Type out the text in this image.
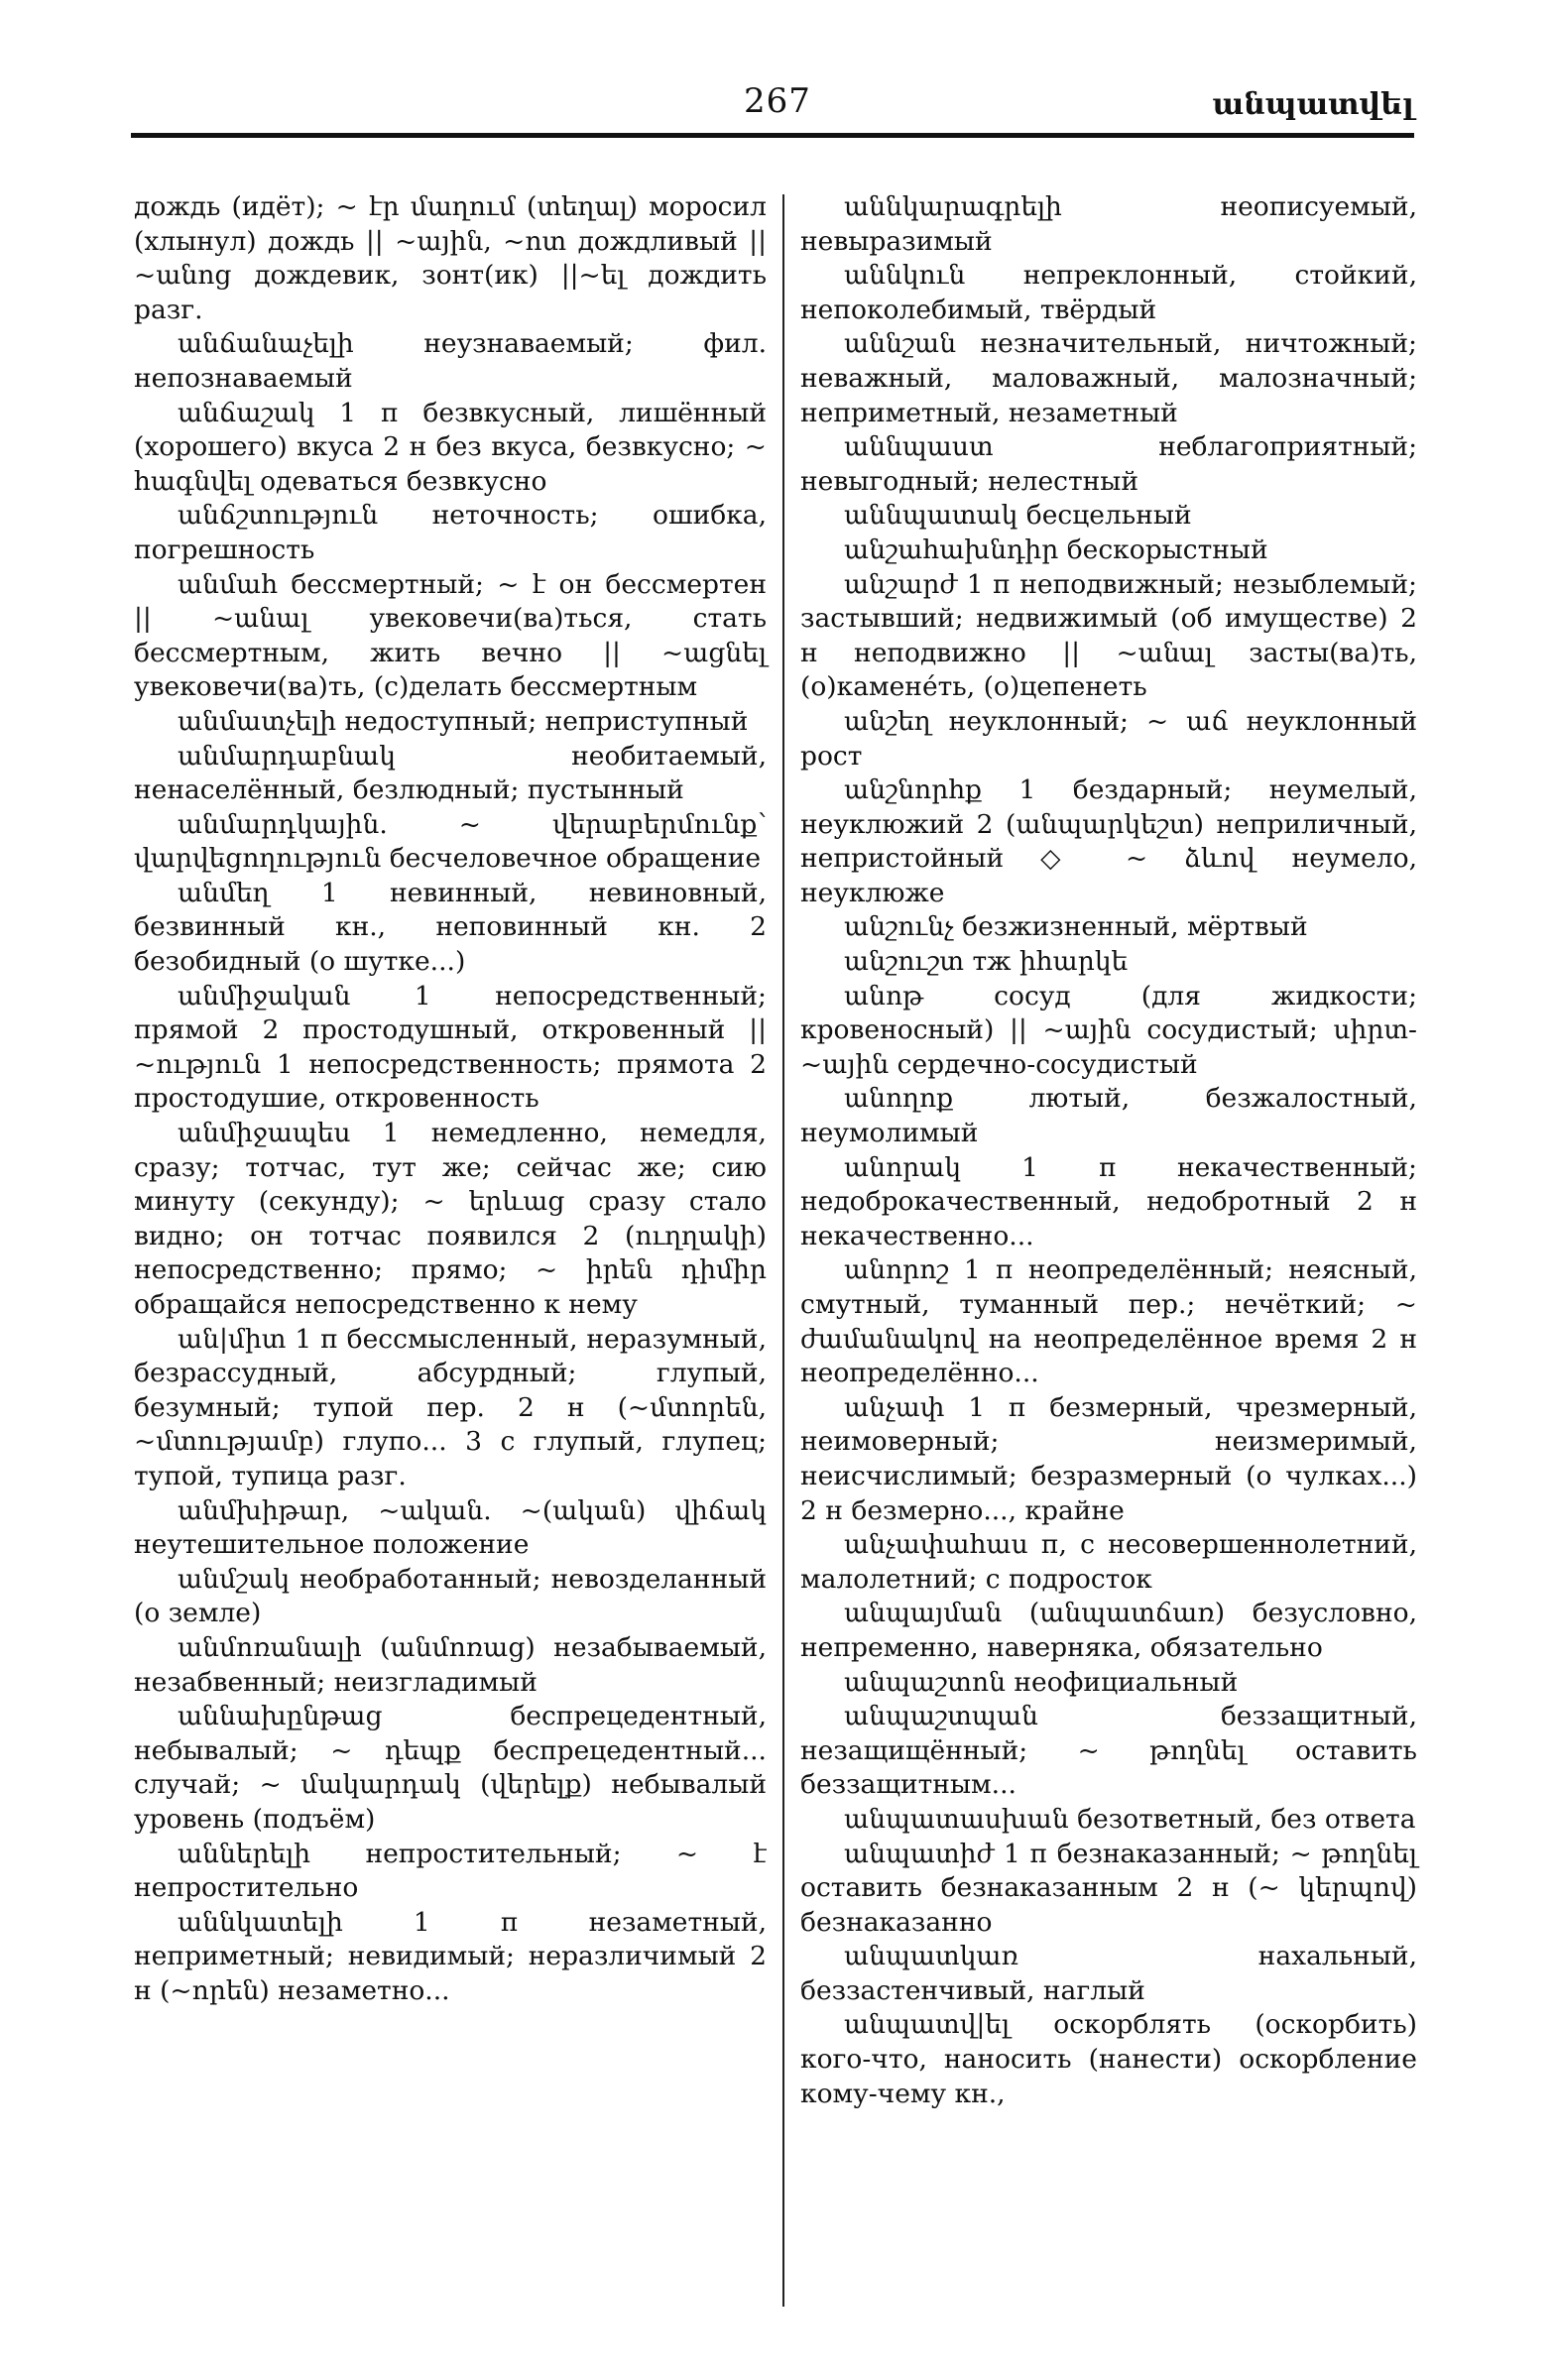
267	անպատվել

дождь (идёт); ~ էր մաղում (տեղալ) моросил (хлынул) дождь || ~ային, ~ոտ дождливый || ~անոց дождевик, зонт(ик) ||~ել дождить разг.

անճանաչելի неузнаваемый; фил. непознаваемый

անճաշակ 1 п безвкусный, лишённый (хорошего) вкуса 2 н без вкуса, безвкусно; ~ հագնվել одеваться безвкусно

անճշտություն неточность; ошибка, погрешность

անմահ бессмертный; ~ է он бессмертен || ~անալ увековечи(ва)ться, стать бессмертным, жить вечно || ~ացնել увековечи(ва)ть, (с)делать бессмертным

անմատչելի недоступный; неприступный

անմարդաբնակ необитаемый, ненаселённый, безлюдный; пустынный

անմարդկային. ~ վերաբերմունք՝ վարվեցողություն бесчеловечное обращение

անմեղ 1 невинный, невиновный, безвинный кн., неповинный кн. 2 безобидный (о шутке...)

անմիջական 1 непосредственный; прямой 2 простодушный, откровенный || ~ություն 1 непосредственность; прямота 2 простодушие, откровенность

անմիջապես 1 немедленно, немедля, сразу; тотчас, тут же; сейчас же; сию минуту (секунду); ~ երևաց сразу стало видно; он тотчас появился 2 (ուղղակի) непосредственно; прямо; ~ իրեն դիմիր обращайся непосредственно к нему

ան|միտ 1 п бессмысленный, неразумный, безрассудный, абсурдный; глупый, безумный; тупой пер. 2 н (~մտորեն, ~մտությամբ) глупо... 3 с глупый, глупец; тупой, тупица разг.

անմխիթար, ~ական. ~(ական) վիճակ неутешительное положение

անմշակ необработанный; невозделанный (о земле)

անմոռանալի (անմոռաց) незабываемый, незабвенный; неизгладимый

աննախընթաց беспрецедентный, небывалый; ~ դեպք беспрецедентный... случай; ~ մակարդակ (վերելք) небывалый уровень (подъём)

աններելի непростительный; ~ է непростительно

աննկատելի 1 п незаметный, неприметный; невидимый; неразличимый 2 н (~որեն) незаметно...

աննկարագրելի неописуемый, невыразимый

աննկուն непреклонный, стойкий, непоколебимый, твёрдый

աննշան незначительный, ничтожный; неважный, маловажный, малозначный; неприметный, незаметный

աննպաստ неблагоприятный; невыгодный; нелестный

աննպատակ бесцельный

անշահախնդիր бескорыстный

անշարժ 1 п неподвижный; незыблемый; застывший; недвижимый (об имуществе) 2 н неподвижно || ~անալ засты(ва)ть, (о)камене́ть, (о)цепенеть

անշեղ неуклонный; ~ աճ неуклонный рост

անշնորհք 1 бездарный; неумелый, неуклюжий 2 (անպարկեշտ) неприличный, непристойный ◇ ~ ձևով неумело, неуклюже

անշունչ безжизненный, мёртвый

անշուշտ тж իհարկե

անոթ сосуд (для жидкости; кровеносный) || ~ային сосудистый; սիրտ-~ային сердечно-сосудистый

անողոք лютый, безжалостный, неумолимый

անորակ 1 п некачественный; недоброкачественный, недобротный 2 н некачественно...

անորոշ 1 п неопределённый; неясный, смутный, туманный пер.; нечёткий; ~ ժամանակով на неопределённое время 2 н неопределённо...

անչափ 1 п безмерный, чрезмерный, неимоверный; неизмеримый, неисчислимый; безразмерный (о чулках...) 2 н безмерно..., крайне

անչափահաս п, с несовершеннолетний, малолетний; с подросток

անպայման (անպատճառ) безусловно, непременно, наверняка, обязательно

անպաշտոն неофициальный

անպաշտպան беззащитный, незащищённый; ~ թողնել оставить беззащитным...

անպատասխան безответный, без ответа

անպատիժ 1 п безнаказанный; ~ թողնել оставить безнаказанным 2 н (~ կերպով) безнаказанно

անպատկառ нахальный, беззастенчивый, наглый

անպատվ|ել оскорблять (оскорбить) кого-что, наносить (нанести) оскорбление кому-чему кн.,
